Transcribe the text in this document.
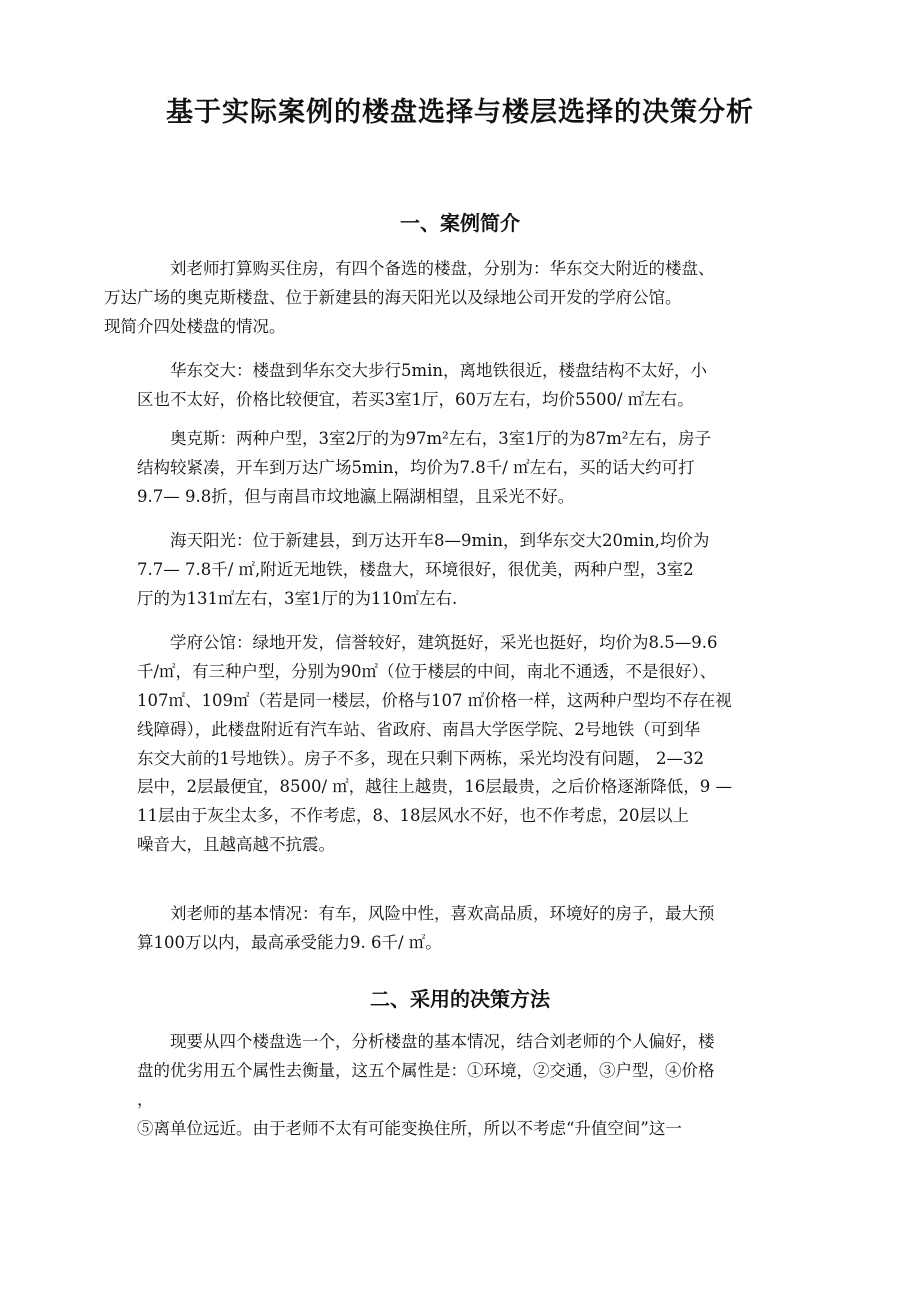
基于实际案例的楼盘选择与楼层选择的决策分析
一、案例简介

刘老师打算购买住房，有四个备选的楼盘，分别为：华东交大附近的楼盘、
万达广场的奥克斯楼盘、位于新建县的海天阳光以及绿地公司开发的学府公馆。
现简介四处楼盘的情况。

华东交大：楼盘到华东交大步行5min，离地铁很近，楼盘结构不太好，小
区也不太好，价格比较便宜，若买3室1厅，60万左右，均价5500/ ㎡左右。

奥克斯：两种户型，3室2厅的为97m²左右，3室1厅的为87m²左右，房子
结构较紧凑，开车到万达广场5min，均价为7.8千/ ㎡左右，买的话大约可打
9.7— 9.8折，但与南昌市坟地瀛上隔湖相望，且采光不好。

海天阳光：位于新建县，到万达开车8—9min，到华东交大20min,均价为
7.7— 7.8千/ ㎡,附近无地铁，楼盘大，环境很好，很优美，两种户型，3室2
厅的为131㎡左右，3室1厅的为110㎡左右.

学府公馆：绿地开发，信誉较好，建筑挺好，采光也挺好，均价为8.5—9.6
千/㎡，有三种户型，分别为90㎡（位于楼层的中间，南北不通透，不是很好）、
107㎡、109㎡（若是同一楼层，价格与107 ㎡价格一样，这两种户型均不存在视
线障碍），此楼盘附近有汽车站、省政府、南昌大学医学院、2号地铁（可到华
东交大前的1号地铁）。房子不多，现在只剩下两栋，采光均没有问题， 2—32
层中，2层最便宜，8500/ ㎡，越往上越贵，16层最贵，之后价格逐渐降低，9 —
11层由于灰尘太多，不作考虑，8、18层风水不好，也不作考虑，20层以上
噪音大，且越高越不抗震。

刘老师的基本情况：有车，风险中性，喜欢高品质，环境好的房子，最大预
算100万以内，最高承受能力9. 6千/ ㎡。

二、采用的决策方法

现要从四个楼盘选一个，分析楼盘的基本情况，结合刘老师的个人偏好，楼
盘的优劣用五个属性去衡量，这五个属性是：①环境，②交通，③户型，④价格
，
⑤离单位远近。由于老师不太有可能变换住所，所以不考虑“升值空间”这一
